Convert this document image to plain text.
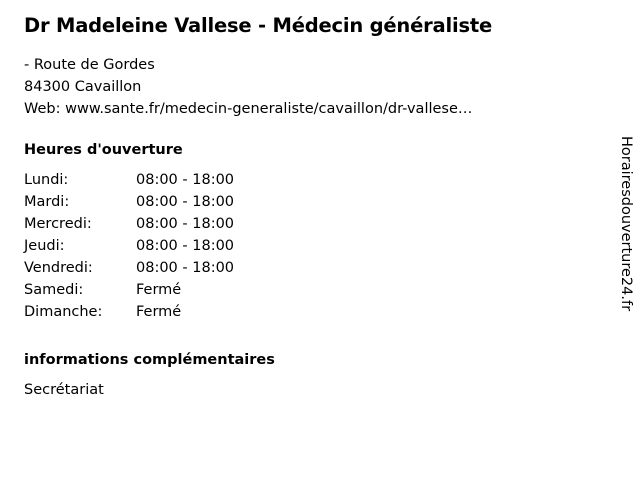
Dr Madeleine Vallese - Médecin généraliste
- Route de Gordes
84300 Cavaillon
Web: www.sante.fr/medecin-generaliste/cavaillon/dr-vallese…
Heures d'ouverture
Lundi:	08:00 - 18:00
Mardi:	08:00 - 18:00
Mercredi:	08:00 - 18:00
Jeudi:	08:00 - 18:00
Vendredi:	08:00 - 18:00
Samedi:	Fermé
Dimanche:	Fermé
informations complémentaires
Secrétariat
Horairesdouverture24.fr
